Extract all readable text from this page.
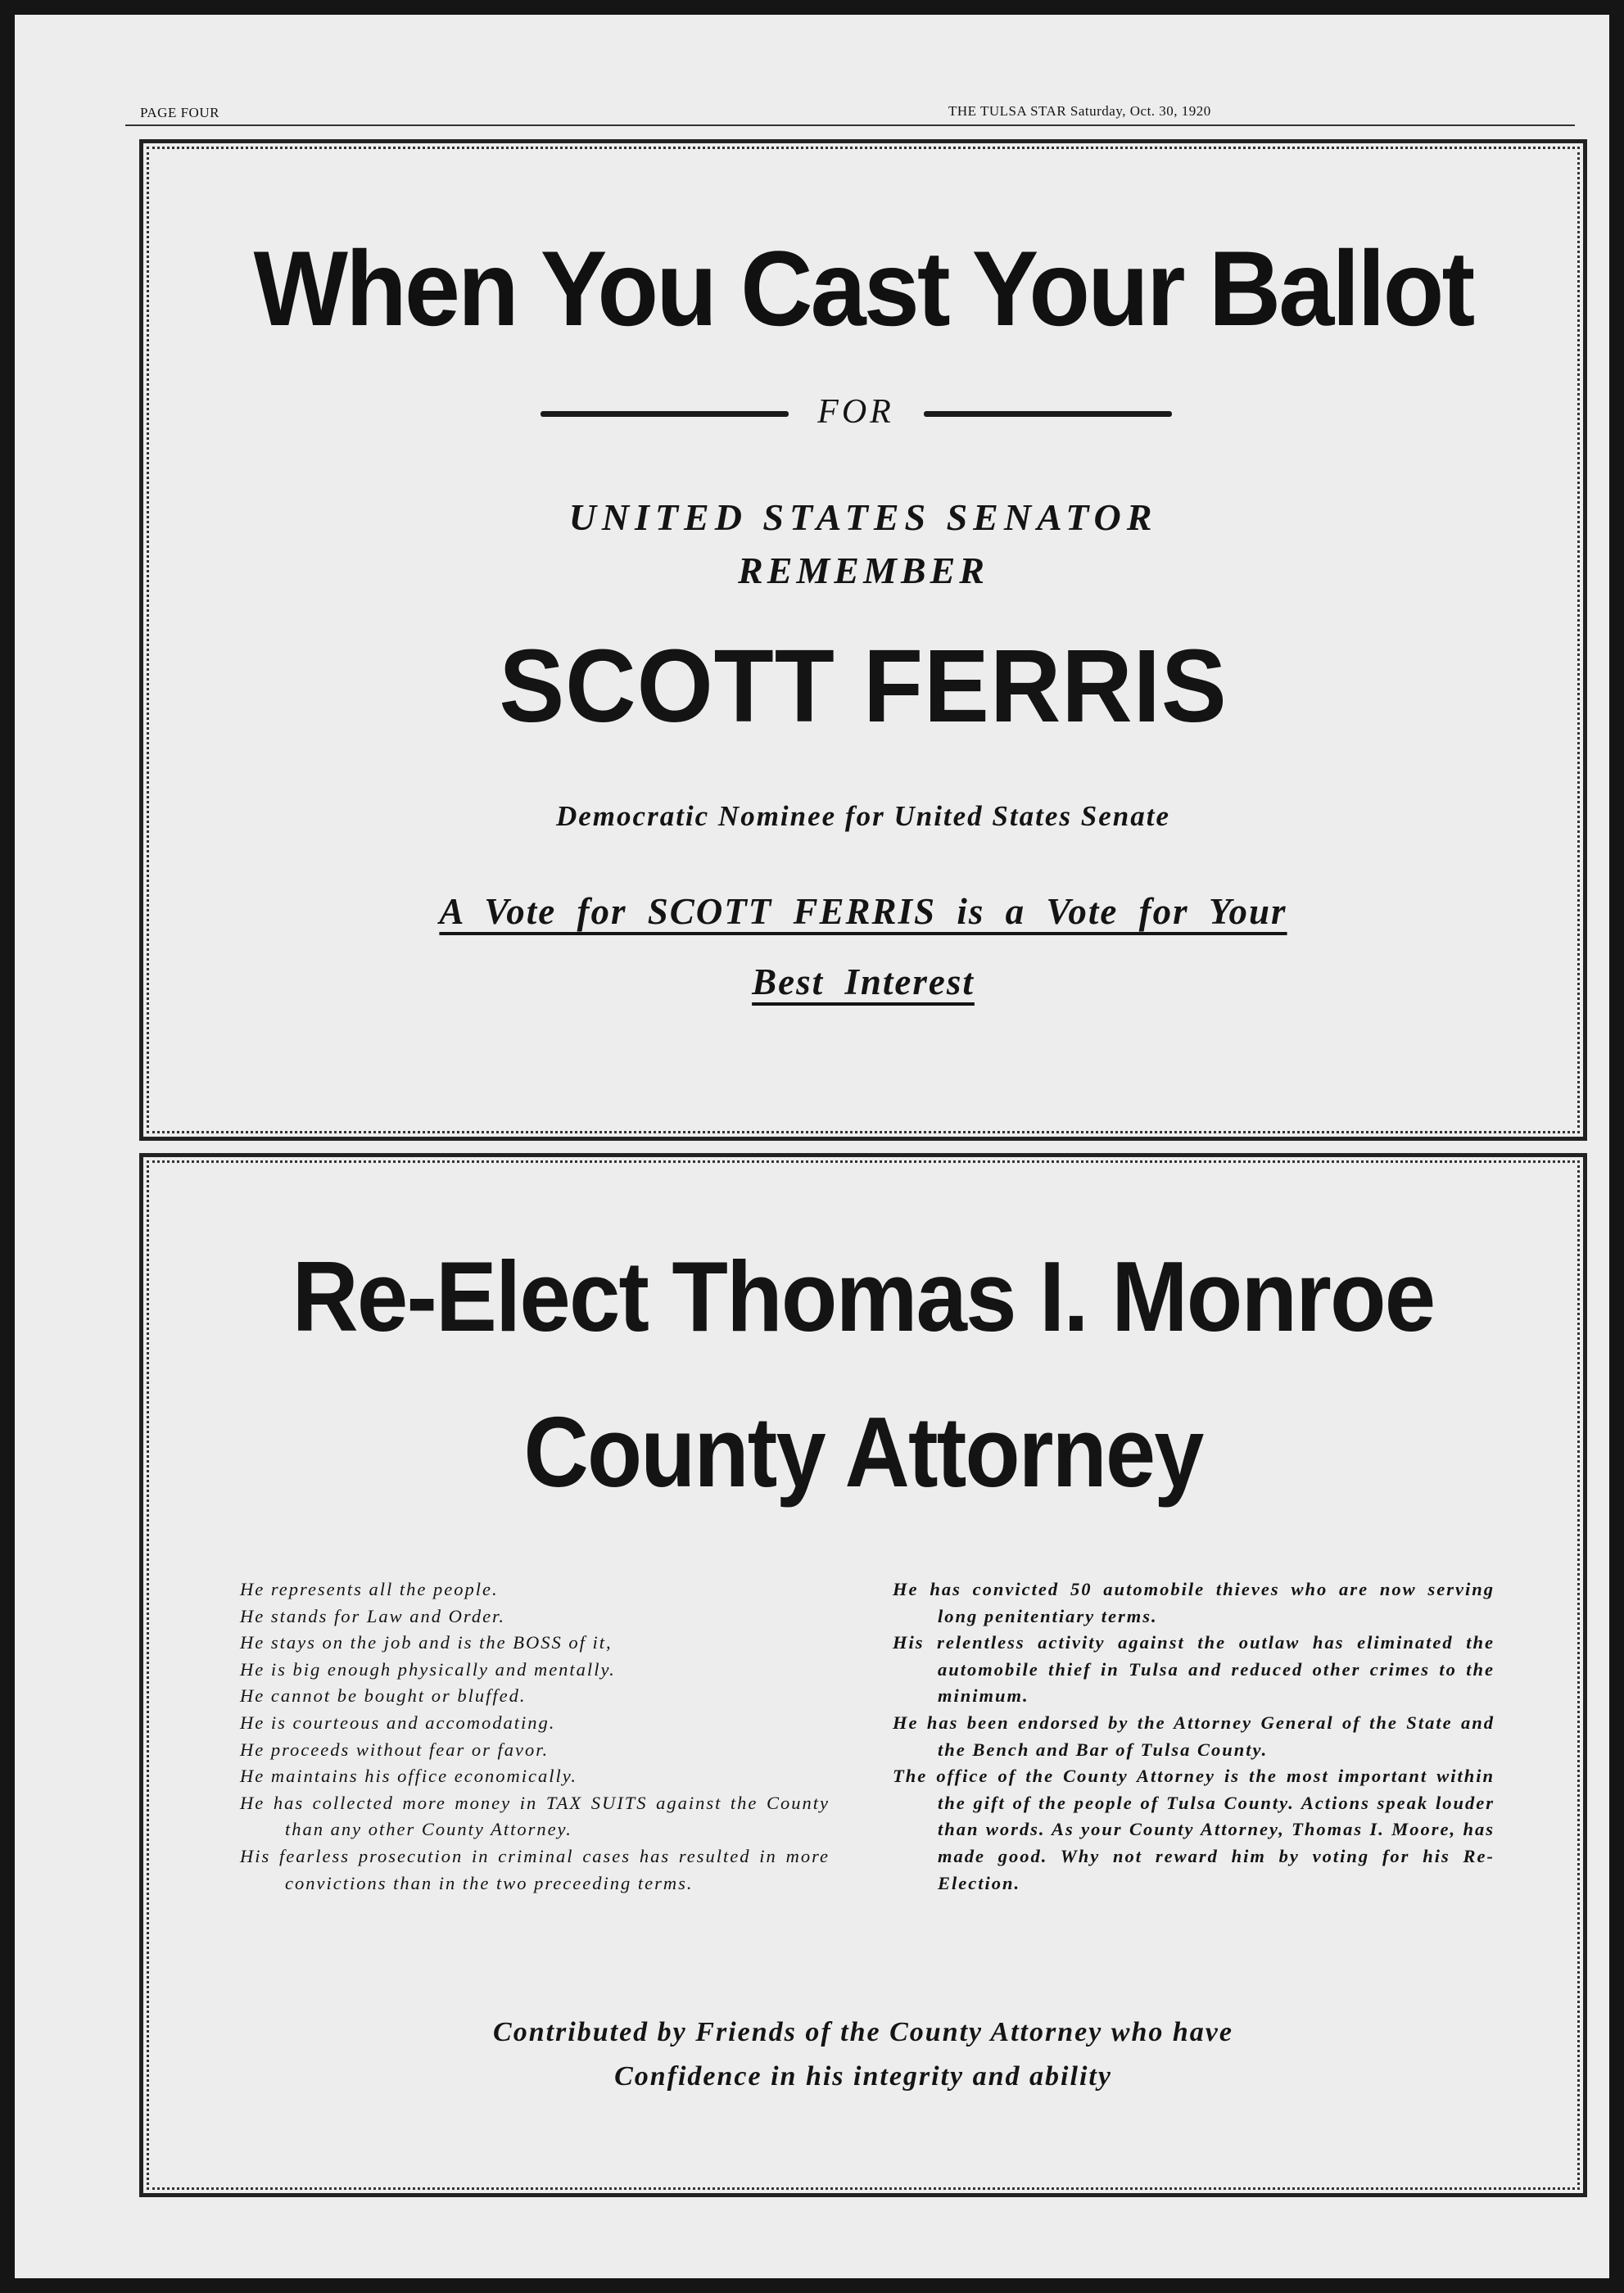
PAGE FOUR	THE TULSA STAR Saturday, Oct. 30, 1920
When You Cast Your Ballot
FOR
UNITED STATES SENATOR
REMEMBER
SCOTT FERRIS
Democratic Nominee for United States Senate
A Vote for SCOTT FERRIS is a Vote for Your
Best Interest
Re-Elect Thomas I. Monroe
County Attorney

He represents all the people.

He stands for Law and Order.

He stays on the job and is the BOSS of it,

He is big enough physically and mentally.

He cannot be bought or bluffed.

He is courteous and accomodating.

He proceeds without fear or favor.

He maintains his office economically.

He has collected more money in TAX SUITS against the County than any other County Attorney.

His fearless prosecution in criminal cases has resulted in more convictions than in the two preceeding terms.

He has convicted 50 automobile thieves who are now serving long penitentiary terms.

His relentless activity against the outlaw has eliminated the automobile thief in Tulsa and reduced other crimes to the minimum.

He has been endorsed by the Attorney General of the State and the Bench and Bar of Tulsa County.

The office of the County Attorney is the most important within the gift of the people of Tulsa County. Actions speak louder than words. As your County Attorney, Thomas I. Moore, has made good. Why not reward him by voting for his Re-Election.

Contributed by Friends of the County Attorney who have
Confidence in his integrity and ability
